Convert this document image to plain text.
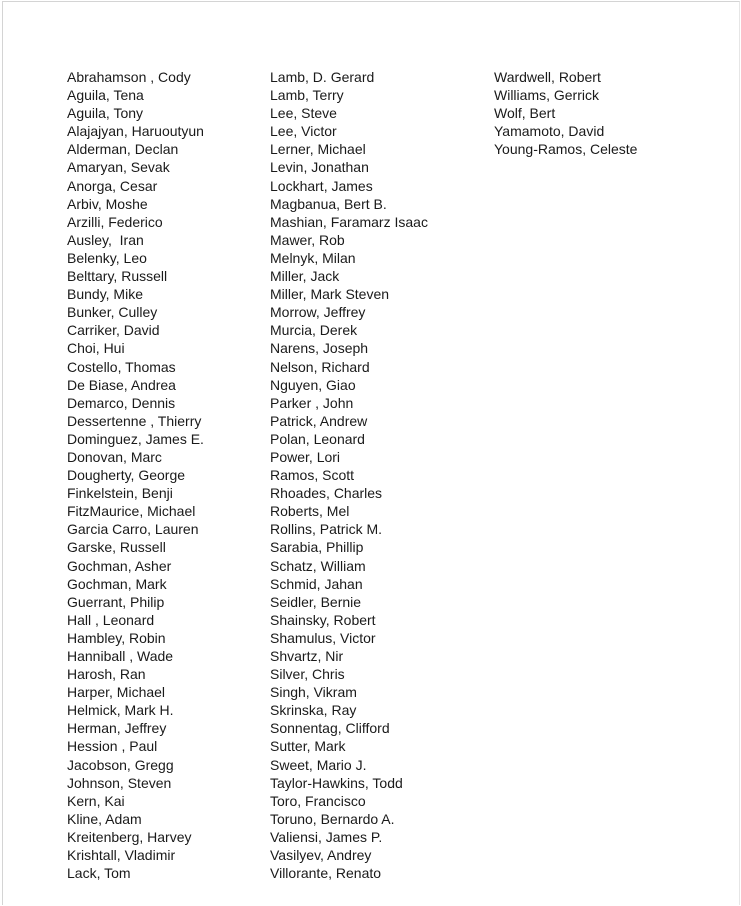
Abrahamson , Cody
Aguila, Tena
Aguila, Tony
Alajajyan, Haruoutyun
Alderman, Declan
Amaryan, Sevak
Anorga, Cesar
Arbiv, Moshe
Arzilli, Federico
Ausley,  Iran
Belenky, Leo
Belttary, Russell
Bundy, Mike
Bunker, Culley
Carriker, David
Choi, Hui
Costello, Thomas
De Biase, Andrea
Demarco, Dennis
Dessertenne , Thierry
Dominguez, James E.
Donovan, Marc
Dougherty, George
Finkelstein, Benji
FitzMaurice, Michael
Garcia Carro, Lauren
Garske, Russell
Gochman, Asher
Gochman, Mark
Guerrant, Philip
Hall , Leonard
Hambley, Robin
Hanniball , Wade
Harosh, Ran
Harper, Michael
Helmick, Mark H.
Herman, Jeffrey
Hession , Paul
Jacobson, Gregg
Johnson, Steven
Kern, Kai
Kline, Adam
Kreitenberg, Harvey
Krishtall, Vladimir
Lack, Tom
Lamb, D. Gerard
Lamb, Terry
Lee, Steve
Lee, Victor
Lerner, Michael
Levin, Jonathan
Lockhart, James
Magbanua, Bert B.
Mashian, Faramarz Isaac
Mawer, Rob
Melnyk, Milan
Miller, Jack
Miller, Mark Steven
Morrow, Jeffrey
Murcia, Derek
Narens, Joseph
Nelson, Richard
Nguyen, Giao
Parker , John
Patrick, Andrew
Polan, Leonard
Power, Lori
Ramos, Scott
Rhoades, Charles
Roberts, Mel
Rollins, Patrick M.
Sarabia, Phillip
Schatz, William
Schmid, Jahan
Seidler, Bernie
Shainsky, Robert
Shamulus, Victor
Shvartz, Nir
Silver, Chris
Singh, Vikram
Skrinska, Ray
Sonnentag, Clifford
Sutter, Mark
Sweet, Mario J.
Taylor-Hawkins, Todd
Toro, Francisco
Toruno, Bernardo A.
Valiensi, James P.
Vasilyev, Andrey
Villorante, Renato
Wardwell, Robert
Williams, Gerrick
Wolf, Bert
Yamamoto, David
Young-Ramos, Celeste
